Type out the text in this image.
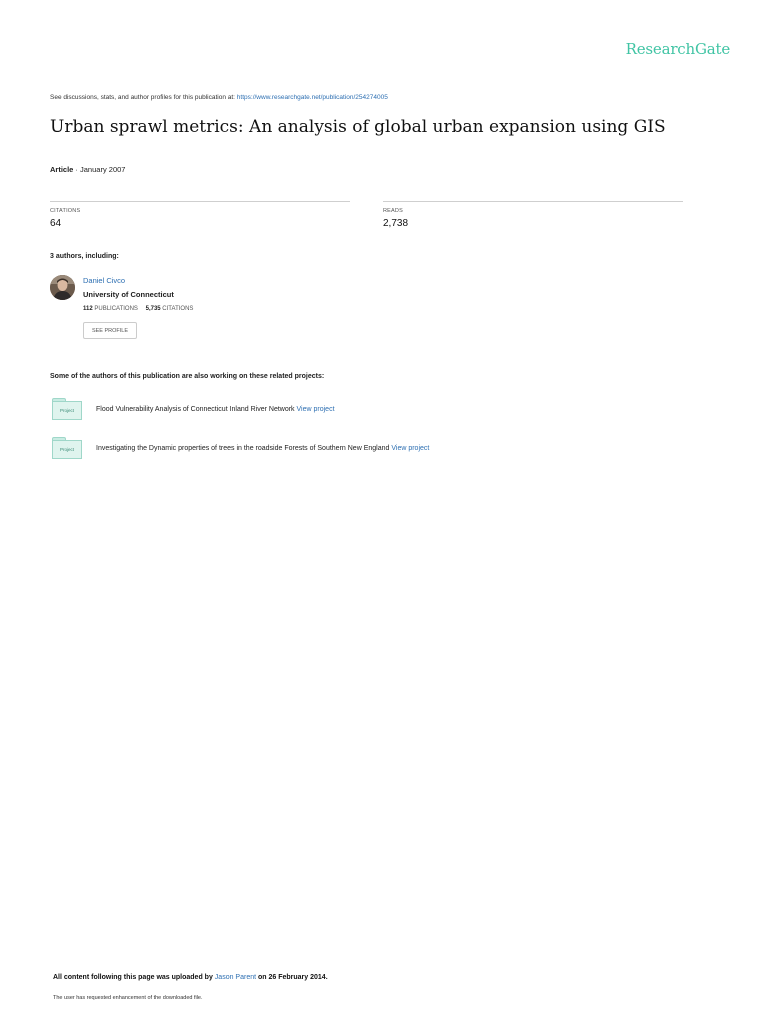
ResearchGate
See discussions, stats, and author profiles for this publication at: https://www.researchgate.net/publication/254274005
Urban sprawl metrics: An analysis of global urban expansion using GIS
Article · January 2007
CITATIONS
64
READS
2,738
3 authors, including:
Daniel Civco
University of Connecticut
112 PUBLICATIONS 5,735 CITATIONS
SEE PROFILE
Some of the authors of this publication are also working on these related projects:
Project	Flood Vulnerability Analysis of Connecticut Inland River Network View project
Project	Investigating the Dynamic properties of trees in the roadside Forests of Southern New England View project
All content following this page was uploaded by Jason Parent on 26 February 2014.
The user has requested enhancement of the downloaded file.
